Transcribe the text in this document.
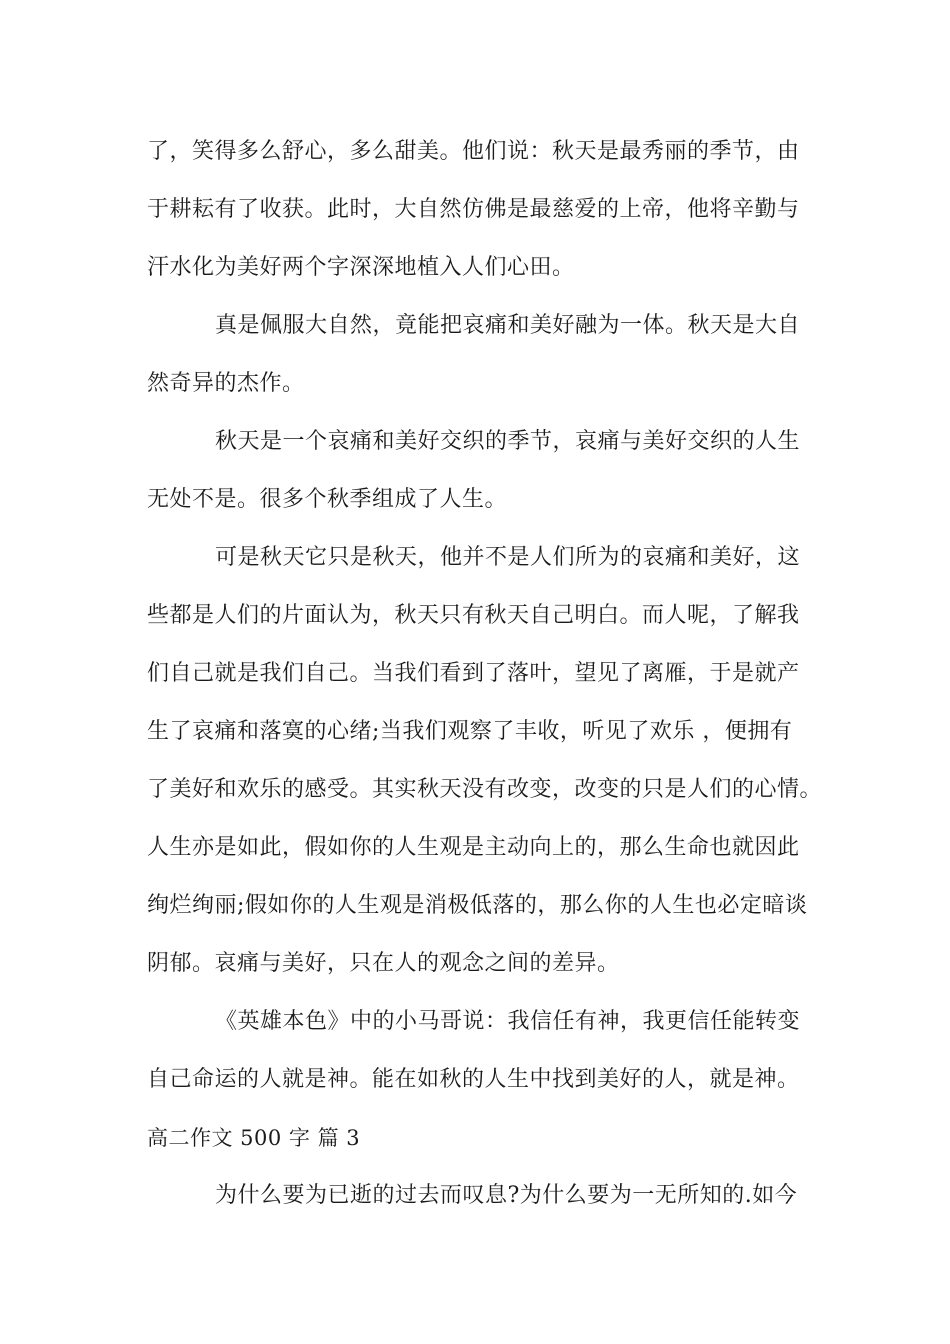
了，笑得多么舒心，多么甜美。他们说：秋天是最秀丽的季节，由
于耕耘有了收获。此时，大自然仿佛是最慈爱的上帝，他将辛勤与
汗水化为美好两个字深深地植入人们心田。
真是佩服大自然，竟能把哀痛和美好融为一体。秋天是大自
然奇异的杰作。
秋天是一个哀痛和美好交织的季节，哀痛与美好交织的人生
无处不是。很多个秋季组成了人生。
可是秋天它只是秋天，他并不是人们所为的哀痛和美好，这
些都是人们的片面认为，秋天只有秋天自己明白。而人呢，了解我
们自己就是我们自己。当我们看到了落叶，望见了离雁，于是就产
生了哀痛和落寞的心绪;当我们观察了丰收，听见了欢乐 ，便拥有
了美好和欢乐的感受。其实秋天没有改变，改变的只是人们的心情。
人生亦是如此，假如你的人生观是主动向上的，那么生命也就因此
绚烂绚丽;假如你的人生观是消极低落的，那么你的人生也必定暗谈
阴郁。哀痛与美好，只在人的观念之间的差异。
《英雄本色》中的小马哥说：我信任有神，我更信任能转变
自己命运的人就是神。能在如秋的人生中找到美好的人，就是神。
高二作文 500 字 篇 3
为什么要为已逝的过去而叹息?为什么要为一无所知的.如今
